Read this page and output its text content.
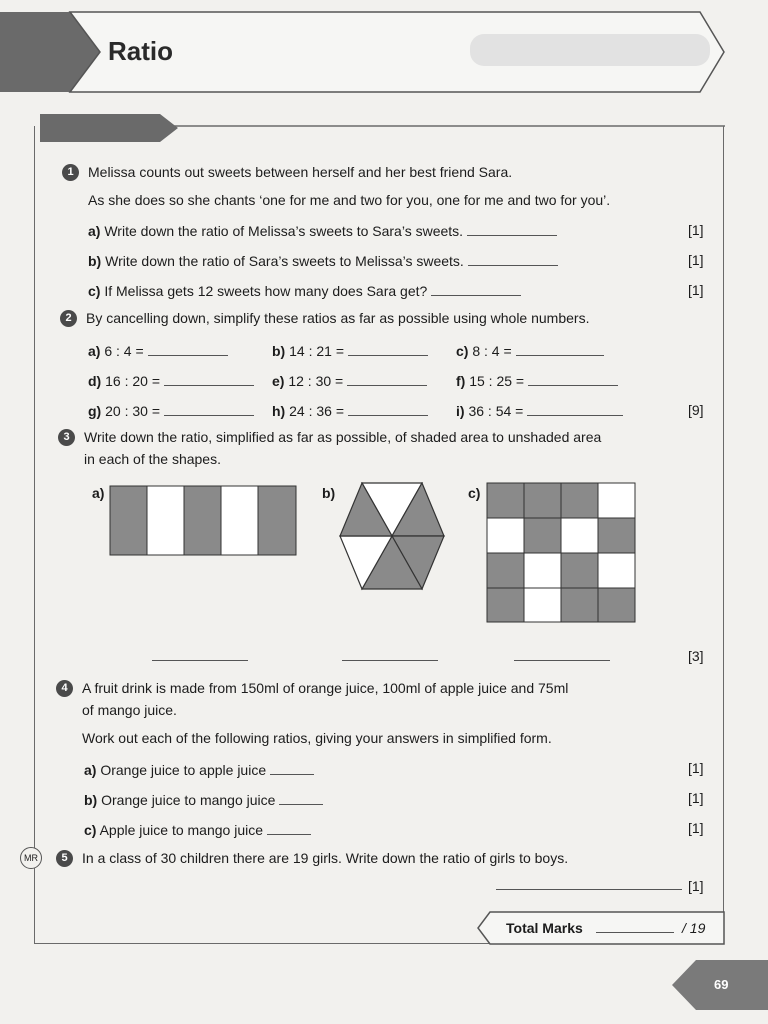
Ratio
1	Melissa counts out sweets between herself and her best friend Sara.
As she does so she chants ‘one for me and two for you, one for me and two for you’.
a) Write down the ratio of Melissa’s sweets to Sara’s sweets.	[1]
b) Write down the ratio of Sara’s sweets to Melissa’s sweets.	[1]
c) If Melissa gets 12 sweets how many does Sara get?	[1]
2	By cancelling down, simplify these ratios as far as possible using whole numbers.
a) 6 : 4 =	b) 14 : 21 =	c) 8 : 4 =
d) 16 : 20 =	e) 12 : 30 =	f) 15 : 25 =
g) 20 : 30 =	h) 24 : 36 =	i) 36 : 54 =	[9]
3	Write down the ratio, simplified as far as possible, of shaded area to unshaded area
in each of the shapes.
a)	b)	c)
[3]
4	A fruit drink is made from 150ml of orange juice, 100ml of apple juice and 75ml
of mango juice.
Work out each of the following ratios, giving your answers in simplified form.
a) Orange juice to apple juice	[1]
b) Orange juice to mango juice	[1]
c) Apple juice to mango juice	[1]
MR	5	In a class of 30 children there are 19 girls. Write down the ratio of girls to boys.
[1]
Total Marks	/ 19
69
